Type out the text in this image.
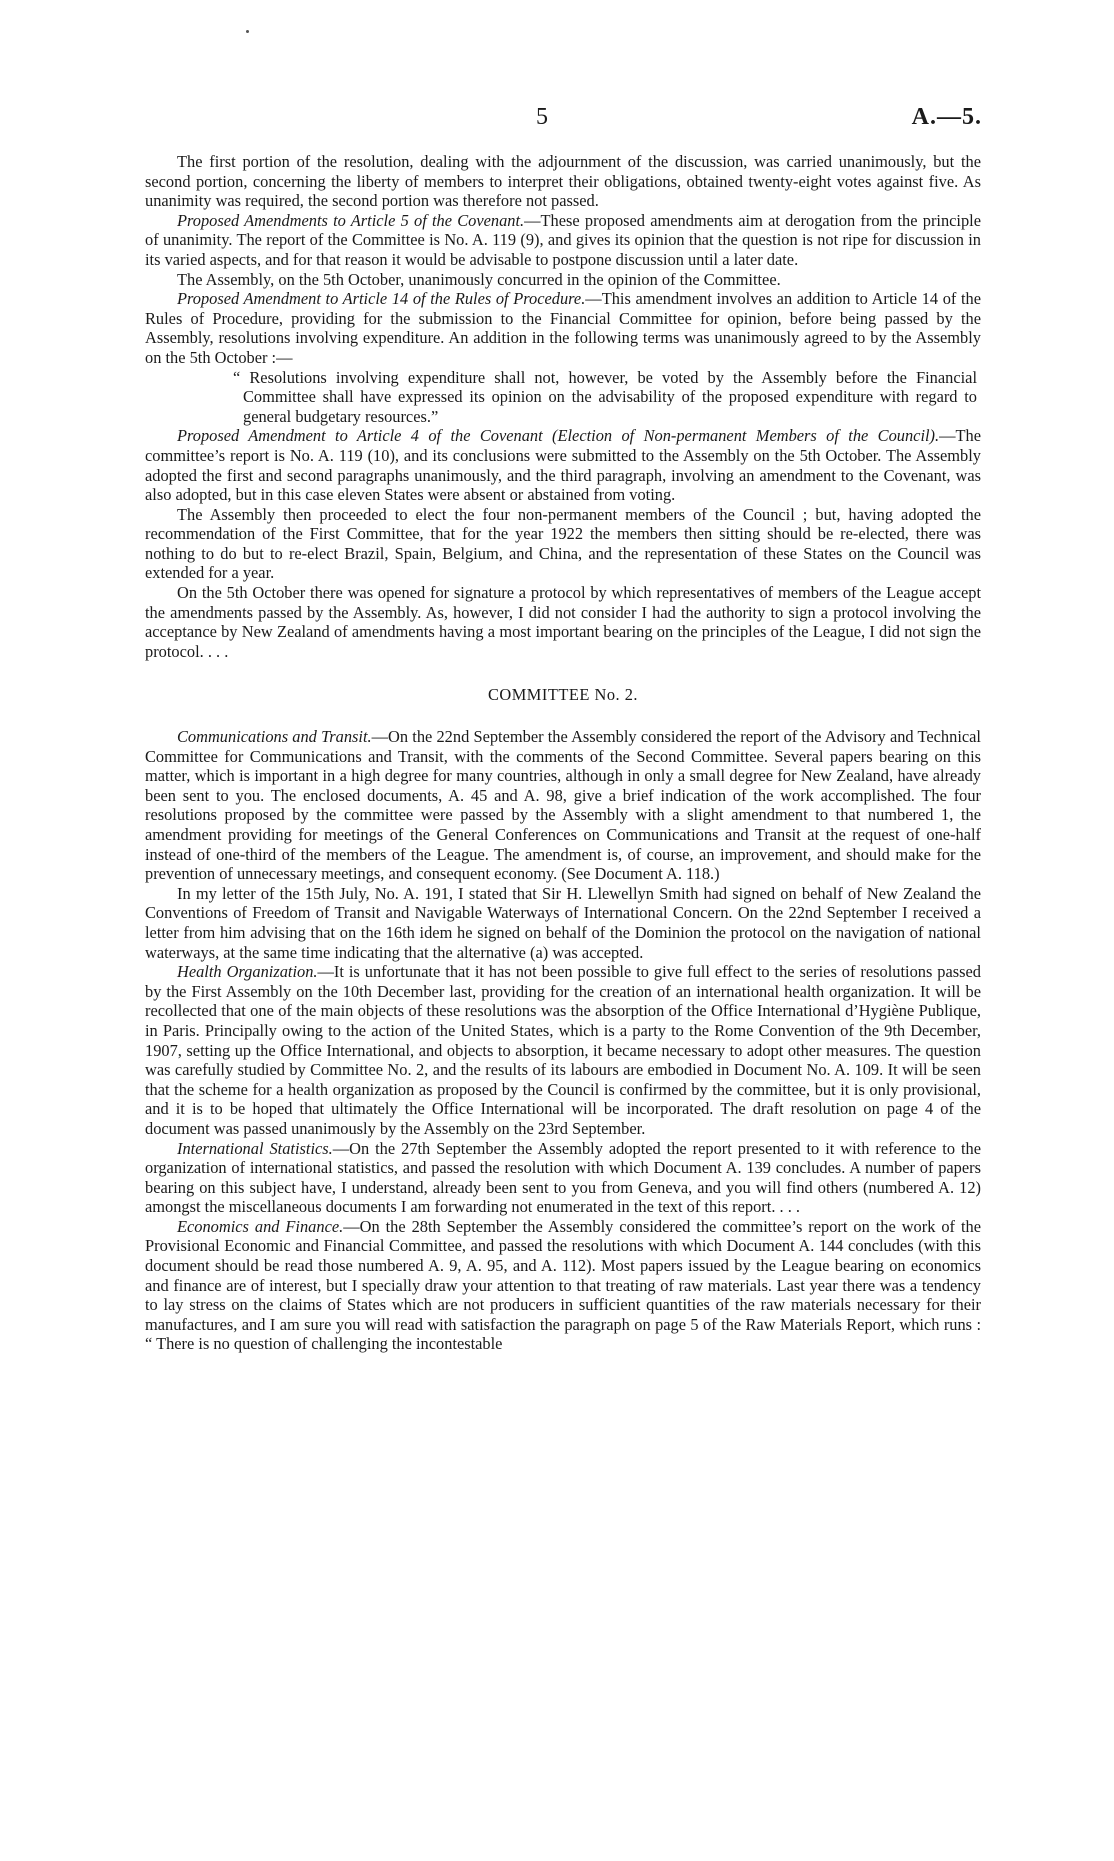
5	A.—5.

The first portion of the resolution, dealing with the adjournment of the discussion, was carried unanimously, but the second portion, concerning the liberty of members to interpret their obligations, obtained twenty-eight votes against five. As unanimity was required, the second portion was therefore not passed.

Proposed Amendments to Article 5 of the Covenant.—These proposed amendments aim at derogation from the principle of unanimity. The report of the Committee is No. A. 119 (9), and gives its opinion that the question is not ripe for discussion in its varied aspects, and for that reason it would be advisable to postpone discussion until a later date.

The Assembly, on the 5th October, unanimously concurred in the opinion of the Committee.

Proposed Amendment to Article 14 of the Rules of Procedure.—This amendment involves an addition to Article 14 of the Rules of Procedure, providing for the submission to the Financial Committee for opinion, before being passed by the Assembly, resolutions involving expenditure. An addition in the following terms was unanimously agreed to by the Assembly on the 5th October :—

“ Resolutions involving expenditure shall not, however, be voted by the Assembly before the Financial Committee shall have expressed its opinion on the advisability of the proposed expenditure with regard to general budgetary resources.”

Proposed Amendment to Article 4 of the Covenant (Election of Non-permanent Members of the Council).—The committee’s report is No. A. 119 (10), and its conclusions were submitted to the Assembly on the 5th October. The Assembly adopted the first and second paragraphs unanimously, and the third paragraph, involving an amendment to the Covenant, was also adopted, but in this case eleven States were absent or abstained from voting.

The Assembly then proceeded to elect the four non-permanent members of the Council ; but, having adopted the recommendation of the First Committee, that for the year 1922 the members then sitting should be re-elected, there was nothing to do but to re-elect Brazil, Spain, Belgium, and China, and the representation of these States on the Council was extended for a year.

On the 5th October there was opened for signature a protocol by which representatives of members of the League accept the amendments passed by the Assembly. As, however, I did not consider I had the authority to sign a protocol involving the acceptance by New Zealand of amendments having a most important bearing on the principles of the League, I did not sign the protocol. . . .

COMMITTEE No. 2.

Communications and Transit.—On the 22nd September the Assembly considered the report of the Advisory and Technical Committee for Communications and Transit, with the comments of the Second Committee. Several papers bearing on this matter, which is important in a high degree for many countries, although in only a small degree for New Zealand, have already been sent to you. The enclosed documents, A. 45 and A. 98, give a brief indication of the work accomplished. The four resolutions proposed by the committee were passed by the Assembly with a slight amendment to that numbered 1, the amendment providing for meetings of the General Conferences on Communications and Transit at the request of one-half instead of one-third of the members of the League. The amendment is, of course, an improvement, and should make for the prevention of unnecessary meetings, and consequent economy. (See Document A. 118.)

In my letter of the 15th July, No. A. 191, I stated that Sir H. Llewellyn Smith had signed on behalf of New Zealand the Conventions of Freedom of Transit and Navigable Waterways of International Concern. On the 22nd September I received a letter from him advising that on the 16th idem he signed on behalf of the Dominion the protocol on the navigation of national waterways, at the same time indicating that the alternative (a) was accepted.

Health Organization.—It is unfortunate that it has not been possible to give full effect to the series of resolutions passed by the First Assembly on the 10th December last, providing for the creation of an international health organization. It will be recollected that one of the main objects of these resolutions was the absorption of the Office International d’Hygiène Publique, in Paris. Principally owing to the action of the United States, which is a party to the Rome Convention of the 9th December, 1907, setting up the Office International, and objects to absorption, it became necessary to adopt other measures. The question was carefully studied by Committee No. 2, and the results of its labours are embodied in Document No. A. 109. It will be seen that the scheme for a health organization as proposed by the Council is confirmed by the committee, but it is only provisional, and it is to be hoped that ultimately the Office International will be incorporated. The draft resolution on page 4 of the document was passed unanimously by the Assembly on the 23rd September.

International Statistics.—On the 27th September the Assembly adopted the report presented to it with reference to the organization of international statistics, and passed the resolution with which Document A. 139 concludes. A number of papers bearing on this subject have, I understand, already been sent to you from Geneva, and you will find others (numbered A. 12) amongst the miscellaneous documents I am forwarding not enumerated in the text of this report. . . .

Economics and Finance.—On the 28th September the Assembly considered the committee’s report on the work of the Provisional Economic and Financial Committee, and passed the resolutions with which Document A. 144 concludes (with this document should be read those numbered A. 9, A. 95, and A. 112). Most papers issued by the League bearing on economics and finance are of interest, but I specially draw your attention to that treating of raw materials. Last year there was a tendency to lay stress on the claims of States which are not producers in sufficient quantities of the raw materials necessary for their manufactures, and I am sure you will read with satisfaction the paragraph on page 5 of the Raw Materials Report, which runs : “ There is no question of challenging the incontestable
